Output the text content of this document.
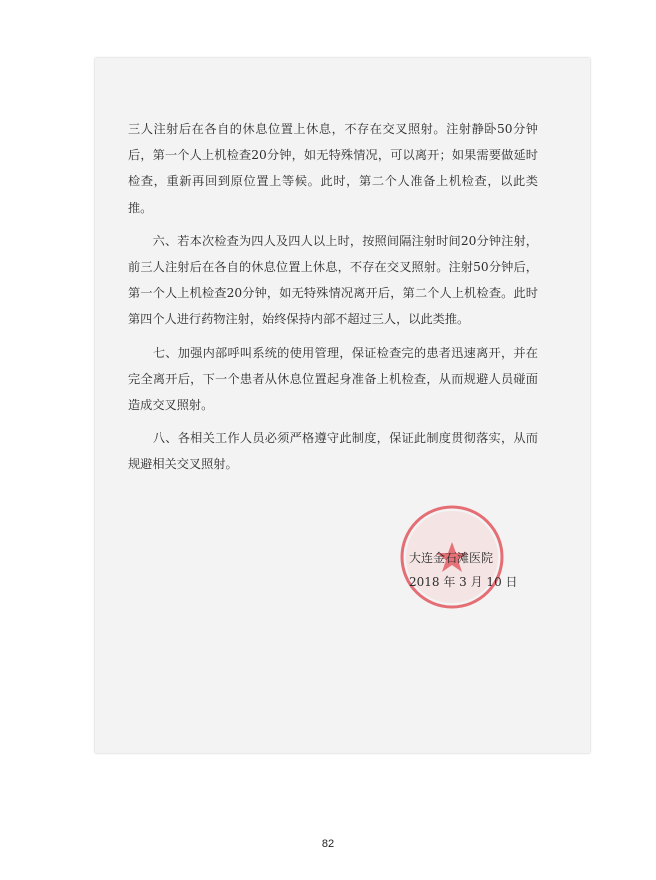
三人注射后在各自的休息位置上休息，不存在交叉照射。注射静卧50分钟后，第一个人上机检查20分钟，如无特殊情况，可以离开；如果需要做延时检查，重新再回到原位置上等候。此时，第二个人准备上机检查，以此类推。

　　六、若本次检查为四人及四人以上时，按照间隔注射时间20分钟注射，前三人注射后在各自的休息位置上休息，不存在交叉照射。注射50分钟后，第一个人上机检查20分钟，如无特殊情况离开后，第二个人上机检查。此时第四个人进行药物注射，始终保持内部不超过三人，以此类推。

　　七、加强内部呼叫系统的使用管理，保证检查完的患者迅速离开，并在完全离开后，下一个患者从休息位置起身准备上机检查，从而规避人员碰面造成交叉照射。

　　八、各相关工作人员必须严格遵守此制度，保证此制度贯彻落实，从而规避相关交叉照射。

大连金石滩医院
2018 年 3 月 10 日
82
